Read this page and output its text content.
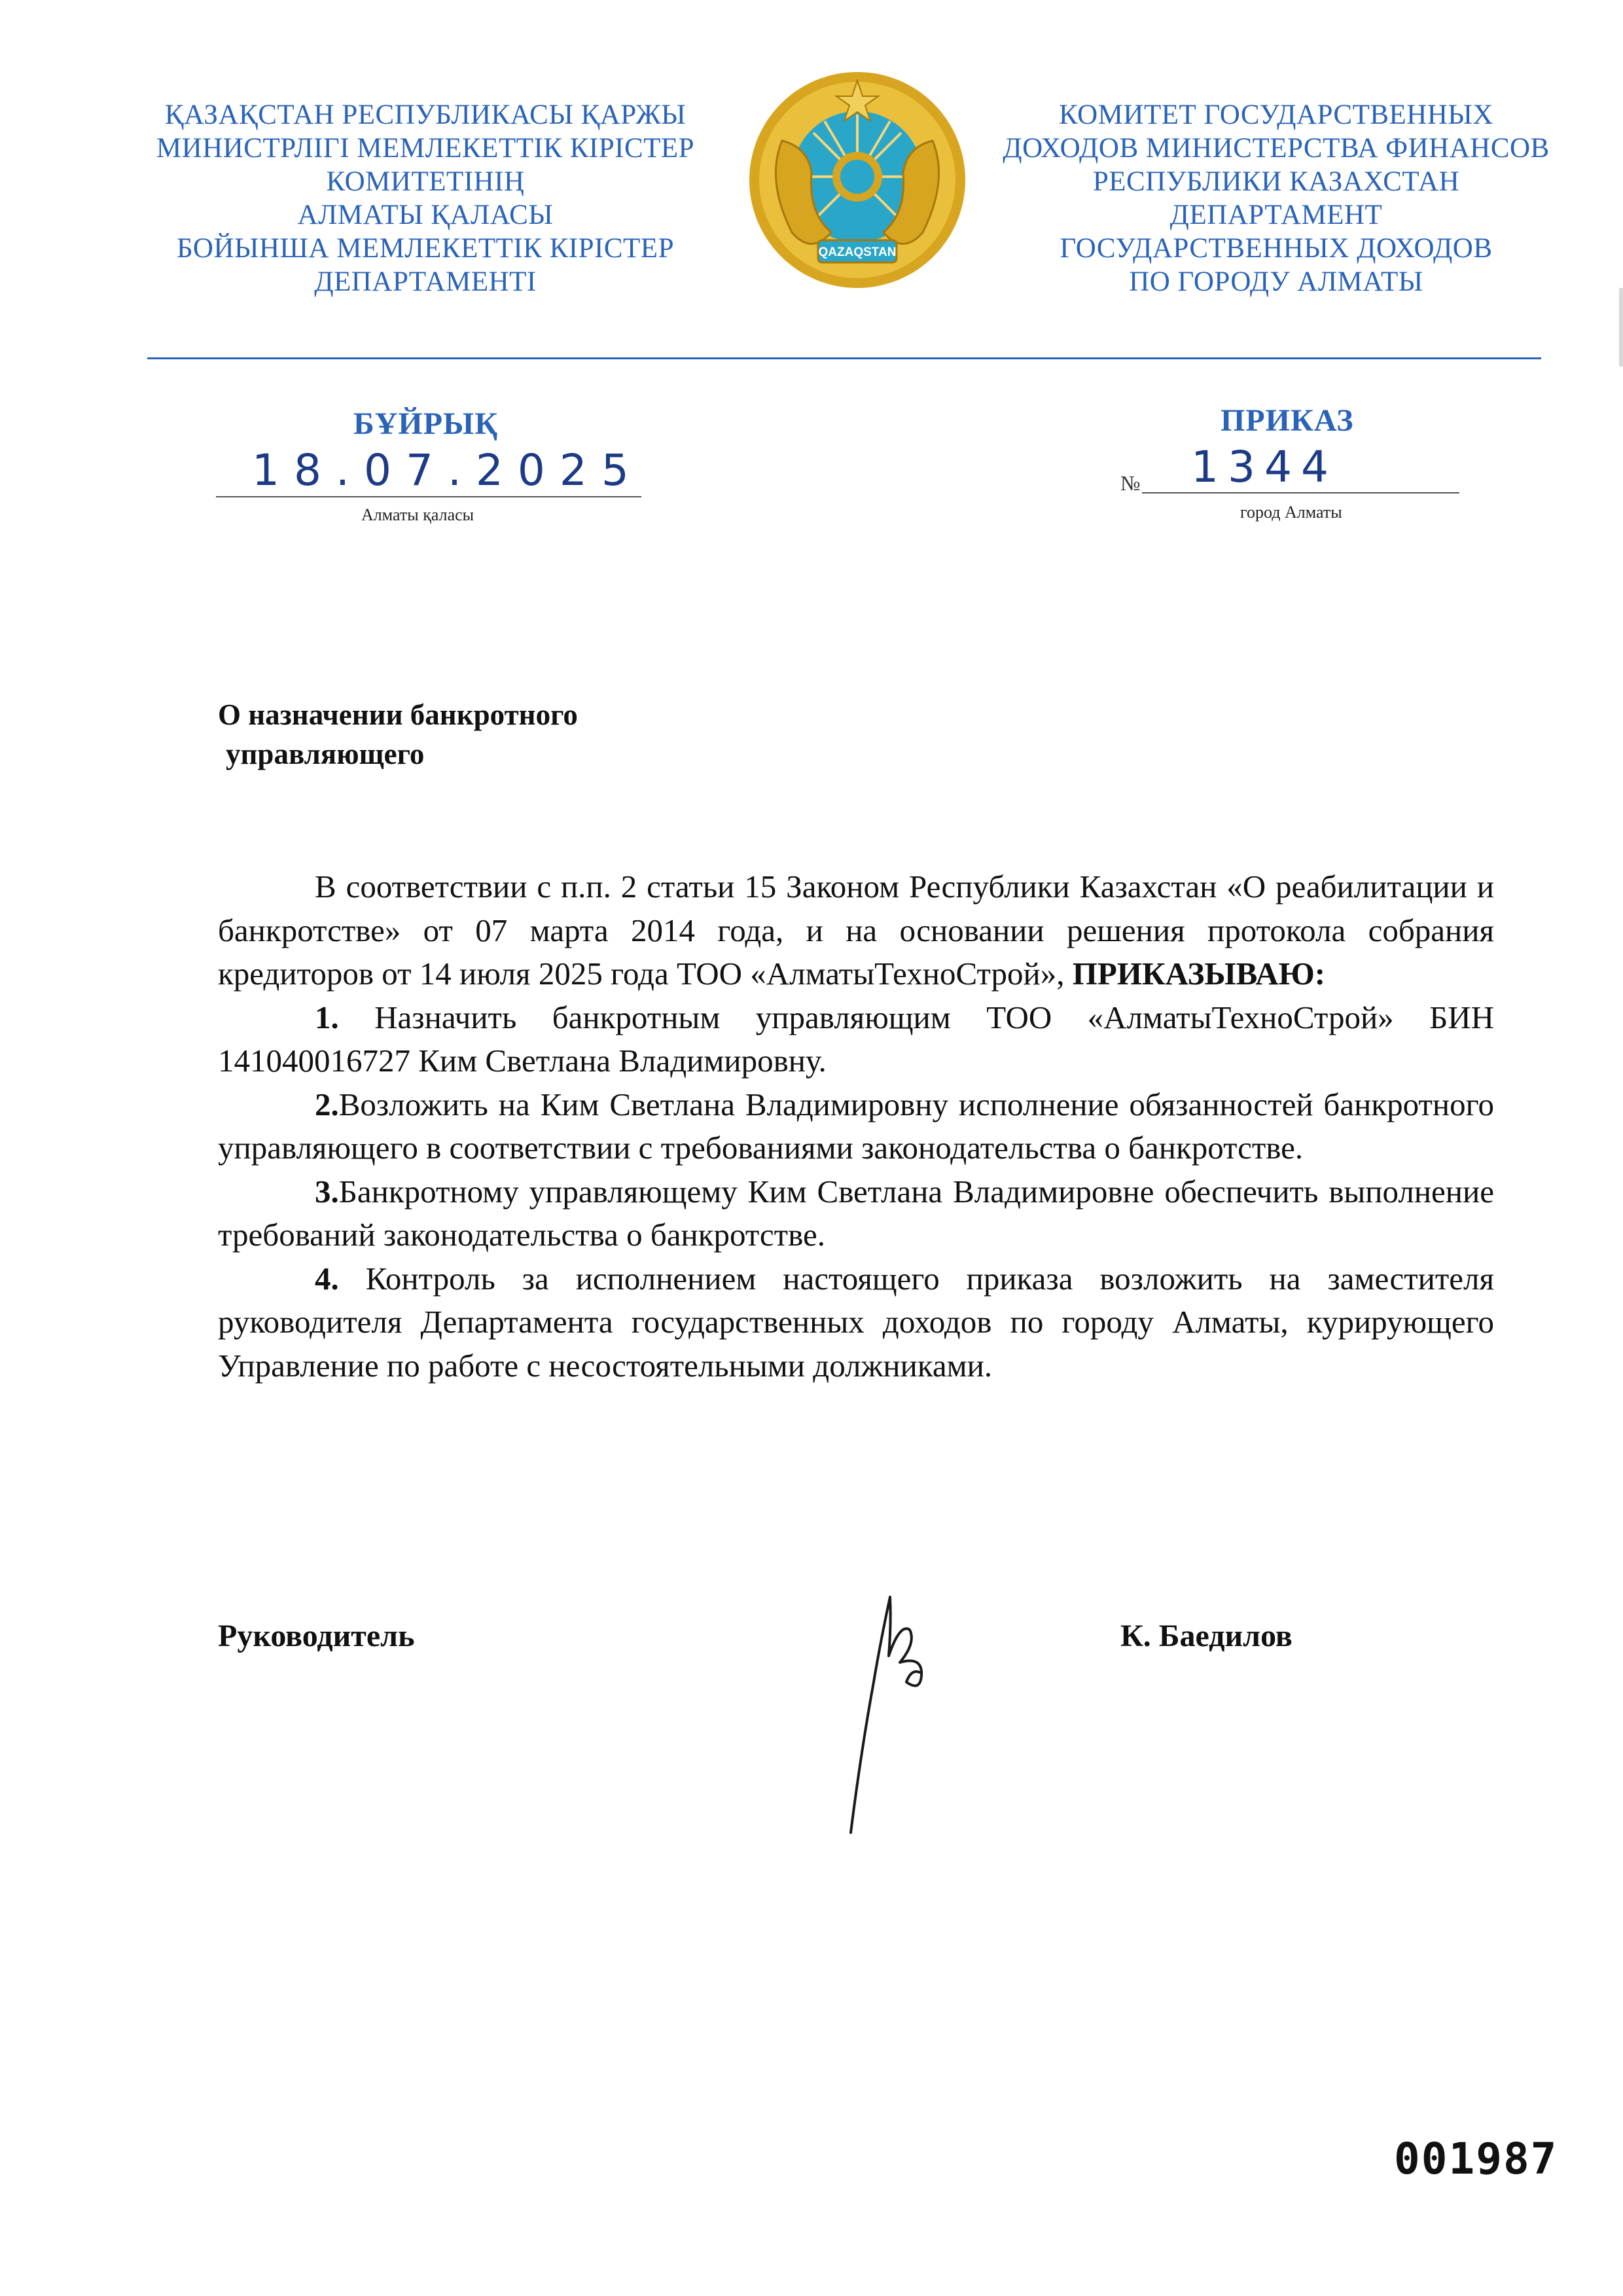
ҚАЗАҚСТАН РЕСПУБЛИКАСЫ ҚАРЖЫ
МИНИСТРЛІГІ МЕМЛЕКЕТТІК КІРІСТЕР
КОМИТЕТІНІҢ
АЛМАТЫ ҚАЛАСЫ
БОЙЫНША МЕМЛЕКЕТТІК КІРІСТЕР
ДЕПАРТАМЕНТІ
QAZAQSTAN
КОМИТЕТ ГОСУДАРСТВЕННЫХ
ДОХОДОВ МИНИСТЕРСТВА ФИНАНСОВ
РЕСПУБЛИКИ КАЗАХСТАН
ДЕПАРТАМЕНТ
ГОСУДАРСТВЕННЫХ ДОХОДОВ
ПО ГОРОДУ АЛМАТЫ
БҰЙРЫҚ	ПРИКАЗ
18.07.2025
Алматы қаласы
№ 1344
город Алматы
О назначении банкротного
управляющего

В соответствии с п.п. 2 статьи 15 Законом Республики Казахстан «О реабилитации и банкротстве» от 07 марта 2014 года, и на основании решения протокола собрания кредиторов от 14 июля 2025 года ТОО «АлматыТехноСтрой», ПРИКАЗЫВАЮ:

1. Назначить банкротным управляющим ТОО «АлматыТехноСтрой» БИН 141040016727 Ким Светлана Владимировну.

2.Возложить на Ким Светлана Владимировну исполнение обязанностей банкротного управляющего в соответствии с требованиями законодательства о банкротстве.

3.Банкротному управляющему Ким Светлана Владимировне обеспечить выполнение требований законодательства о банкротстве.

4. Контроль за исполнением настоящего приказа возложить на заместителя руководителя Департамента государственных доходов по городу Алматы, курирующего Управление по работе с несостоятельными должниками.

Руководитель	К. Баедилов
001987
